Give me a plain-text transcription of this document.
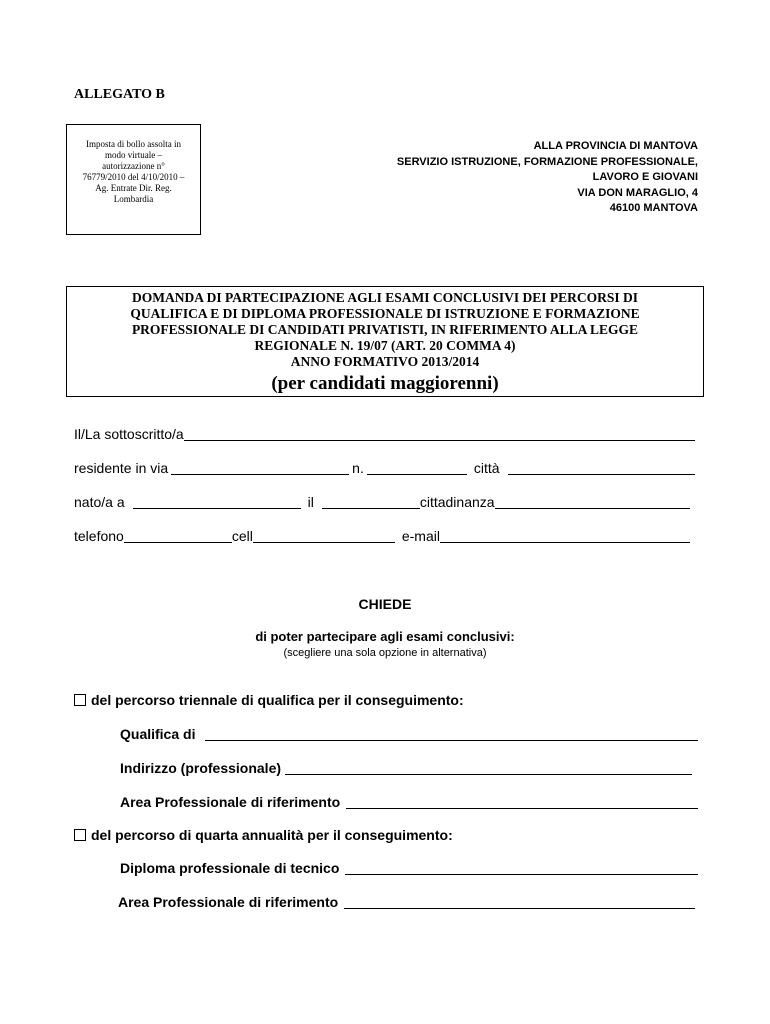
ALLEGATO B
Imposta di bollo assolta in
modo virtuale –
autorizzazione n°
76779/2010 del 4/10/2010 –
Ag. Entrate Dir. Reg.
Lombardia
ALLA PROVINCIA DI MANTOVA
SERVIZIO ISTRUZIONE, FORMAZIONE PROFESSIONALE,
LAVORO E GIOVANI
VIA DON MARAGLIO, 4
46100 MANTOVA
DOMANDA DI PARTECIPAZIONE AGLI ESAMI CONCLUSIVI DEI PERCORSI DI
QUALIFICA E DI DIPLOMA PROFESSIONALE DI ISTRUZIONE E FORMAZIONE
PROFESSIONALE DI CANDIDATI PRIVATISTI, IN RIFERIMENTO ALLA LEGGE
REGIONALE N. 19/07 (ART. 20 COMMA 4)
ANNO FORMATIVO 2013/2014
(per candidati maggiorenni)
Il/La sottoscritto/a
residente in via	n.	città
nato/a a	il	cittadinanza
telefono	cell	e-mail
CHIEDE
di poter partecipare agli esami conclusivi:
(scegliere una sola opzione in alternativa)
del percorso triennale di qualifica per il conseguimento:
Qualifica di
Indirizzo (professionale)
Area Professionale di riferimento
del percorso di quarta annualità per il conseguimento:
Diploma professionale di tecnico
Area Professionale di riferimento
